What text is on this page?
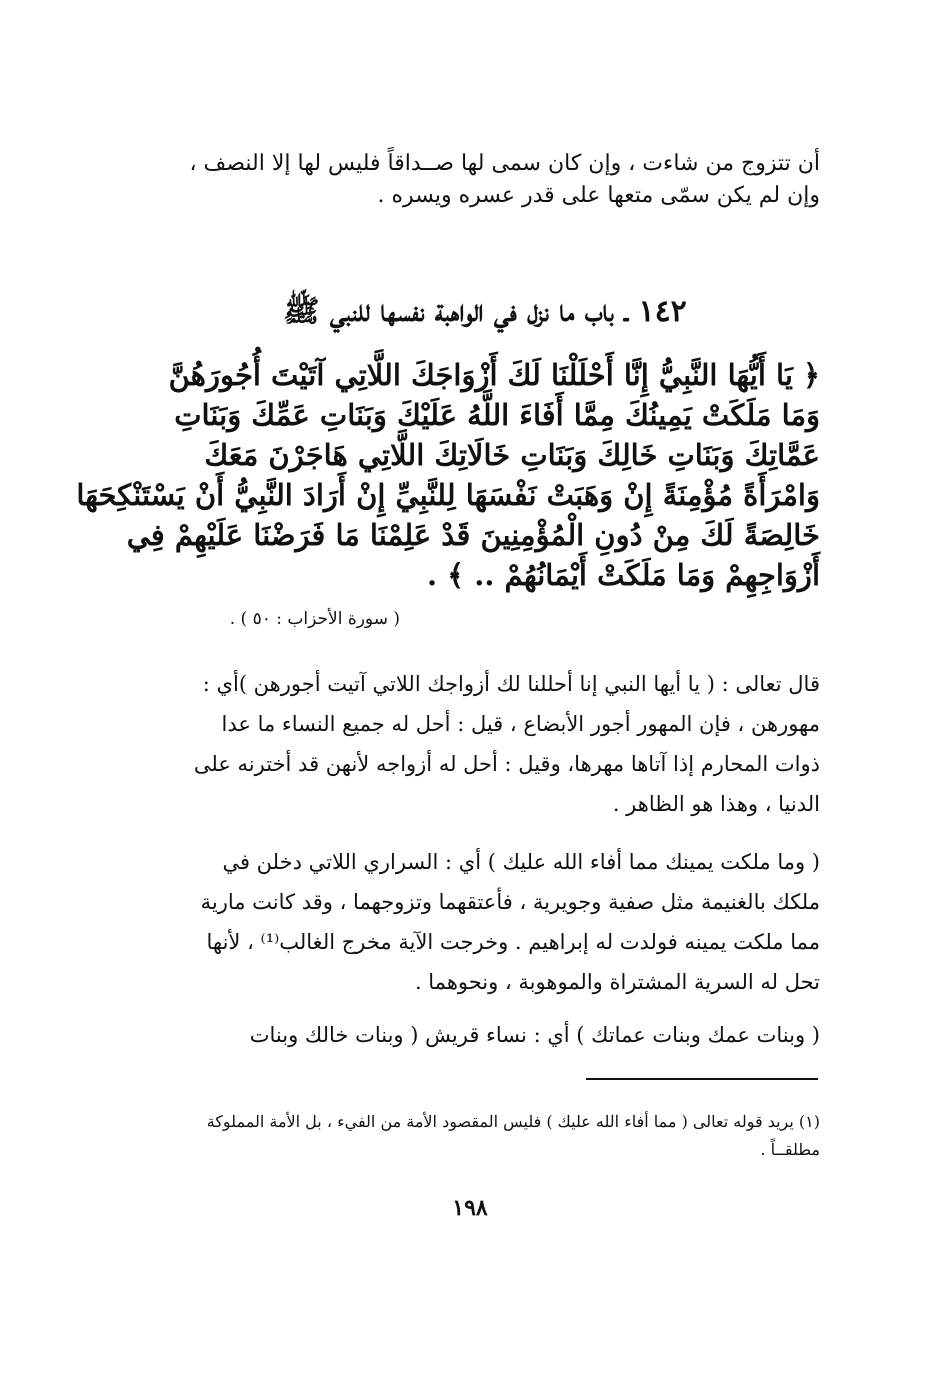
أن تتزوج من شاءت ، وإن كان سمى لها صــداقاً فليس لها إلا النصف ،
وإن لم يكن سمّى متعها على قدر عسره ويسره .
١٤٢ ـ باب ما نزل في الواهبة نفسها للنبي ﷺ
﴿ يَا أَيُّهَا النَّبِيُّ إِنَّا أَحْلَلْنَا لَكَ أَزْوَاجَكَ اللَّاتِي آتَيْتَ أُجُورَهُنَّ
وَمَا مَلَكَتْ يَمِينُكَ مِمَّا أَفَاءَ اللَّهُ عَلَيْكَ وَبَنَاتِ عَمِّكَ وَبَنَاتِ
عَمَّاتِكَ وَبَنَاتِ خَالِكَ وَبَنَاتِ خَالَاتِكَ اللَّاتِي هَاجَرْنَ مَعَكَ
وَامْرَأَةً مُؤْمِنَةً إِنْ وَهَبَتْ نَفْسَهَا لِلنَّبِيِّ إِنْ أَرَادَ النَّبِيُّ أَنْ يَسْتَنْكِحَهَا
خَالِصَةً لَكَ مِنْ دُونِ الْمُؤْمِنِينَ قَدْ عَلِمْنَا مَا فَرَضْنَا عَلَيْهِمْ فِي
أَزْوَاجِهِمْ وَمَا مَلَكَتْ أَيْمَانُهُمْ .. ﴾ .
( سورة الأحزاب : ٥٠ ) .
قال تعالى : ( يا أيها النبي إنا أحللنا لك أزواجك اللاتي آتيت أجورهن )أي :
مهورهن ، فإن المهور أجور الأبضاع ، قيل : أحل له جميع النساء ما عدا
ذوات المحارم إذا آتاها مهرها، وقيل : أحل له أزواجه لأنهن قد أخترنه على
الدنيا ، وهذا هو الظاهر .
( وما ملكت يمينك مما أفاء الله عليك ) أي : السراري اللاتي دخلن في
ملكك بالغنيمة مثل صفية وجويرية ، فأعتقهما وتزوجهما ، وقد كانت مارية
مما ملكت يمينه فولدت له إبراهيم . وخرجت الآية مخرج الغالب⁽¹⁾ ، لأنها
تحل له السرية المشتراة والموهوبة ، ونحوهما .
( وبنات عمك وبنات عماتك ) أي : نساء قريش ( وبنات خالك وبنات
(١) يريد قوله تعالى ( مما أفاء الله عليك ) فليس المقصود الأمة من الفيء ، بل الأمة المملوكة
مطلقــاً .
١٩٨
